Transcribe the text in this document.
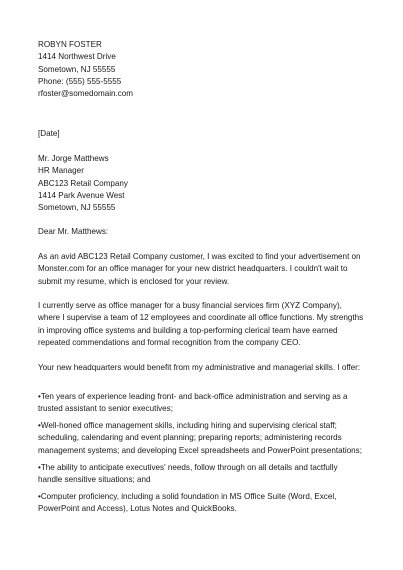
ROBYN FOSTER
1414 Northwest Drive
Sometown, NJ 55555
Phone: (555) 555-5555
rfoster@somedomain.com
[Date]
Mr. Jorge Matthews
HR Manager
ABC123 Retail Company
1414 Park Avenue West
Sometown, NJ 55555
Dear Mr. Matthews:

As an avid ABC123 Retail Company customer, I was excited to find your advertisement on

Monster.com for an office manager for your new district headquarters. I couldn't wait to

submit my resume, which is enclosed for your review.

I currently serve as office manager for a busy financial services firm (XYZ Company),

where I supervise a team of 12 employees and coordinate all office functions. My strengths

in improving office systems and building a top-performing clerical team have earned

repeated commendations and formal recognition from the company CEO.

Your new headquarters would benefit from my administrative and managerial skills. I offer:

•Ten years of experience leading front- and back-office administration and serving as a

trusted assistant to senior executives;

•Well-honed office management skills, including hiring and supervising clerical staff;

scheduling, calendaring and event planning; preparing reports; administering records

management systems; and developing Excel spreadsheets and PowerPoint presentations;

•The ability to anticipate executives' needs, follow through on all details and tactfully

handle sensitive situations; and

•Computer proficiency, including a solid foundation in MS Office Suite (Word, Excel,

PowerPoint and Access), Lotus Notes and QuickBooks.
